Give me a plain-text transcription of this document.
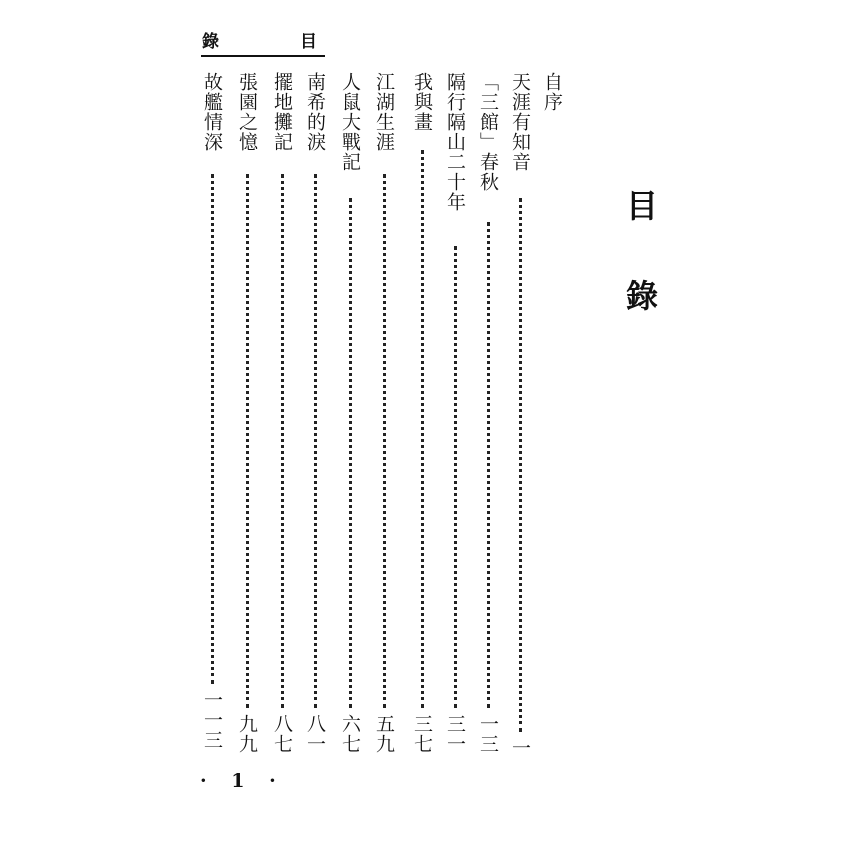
錄	目
目
錄
自序
天涯有知音
一
「三館」春秋
一三
隔行隔山二十年
三一
我與畫
三七
江湖生涯
五九
人鼠大戰記
六七
南希的淚
八一
擺地攤記
八七
張園之憶
九九
故艦情深
一一三
· 1 ·
